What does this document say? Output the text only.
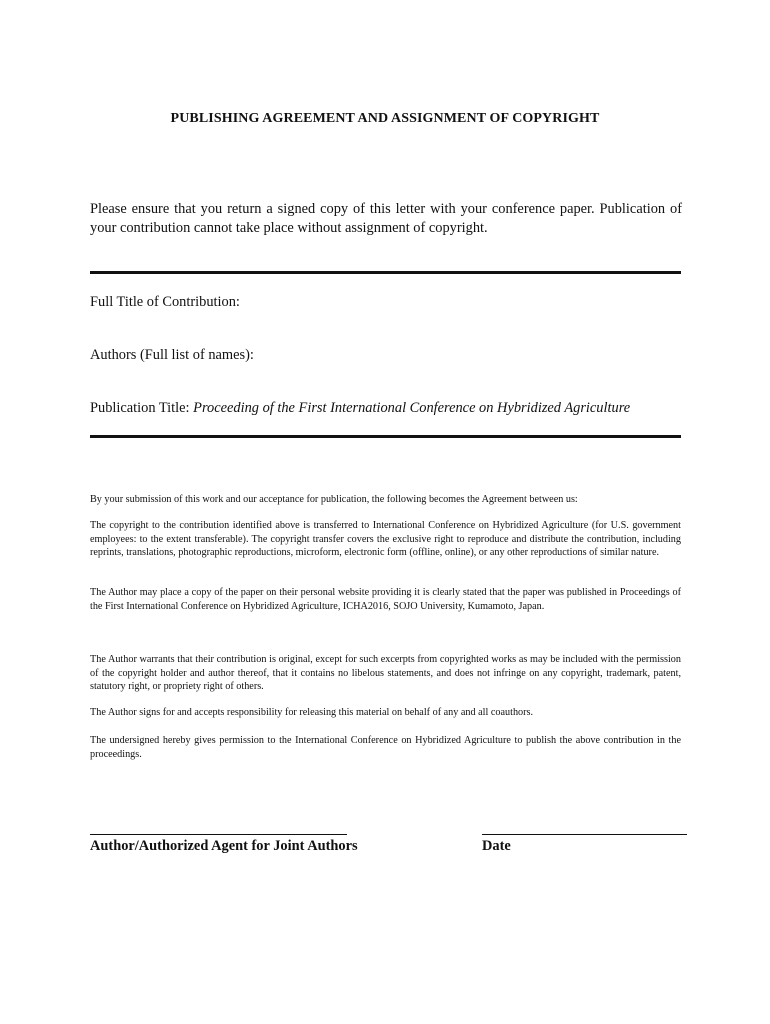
PUBLISHING AGREEMENT AND ASSIGNMENT OF COPYRIGHT
Please ensure that you return a signed copy of this letter with your conference paper. Publication of your contribution cannot take place without assignment of copyright.
Full Title of Contribution:
Authors (Full list of names):
Publication Title: Proceeding of the First International Conference on Hybridized Agriculture
By your submission of this work and our acceptance for publication, the following becomes the Agreement between us:
The copyright to the contribution identified above is transferred to International Conference on Hybridized Agriculture (for U.S. government employees: to the extent transferable). The copyright transfer covers the exclusive right to reproduce and distribute the contribution, including reprints, translations, photographic reproductions, microform, electronic form (offline, online), or any other reproductions of similar nature.
The Author may place a copy of the paper on their personal website providing it is clearly stated that the paper was published in Proceedings of the First International Conference on Hybridized Agriculture, ICHA2016, SOJO University, Kumamoto, Japan.
The Author warrants that their contribution is original, except for such excerpts from copyrighted works as may be included with the permission of the copyright holder and author thereof, that it contains no libelous statements, and does not infringe on any copyright, trademark, patent, statutory right, or propriety right of others.
The Author signs for and accepts responsibility for releasing this material on behalf of any and all coauthors.
The undersigned hereby gives permission to the International Conference on Hybridized Agriculture to publish the above contribution in the proceedings.
Author/Authorized Agent for Joint Authors	Date
